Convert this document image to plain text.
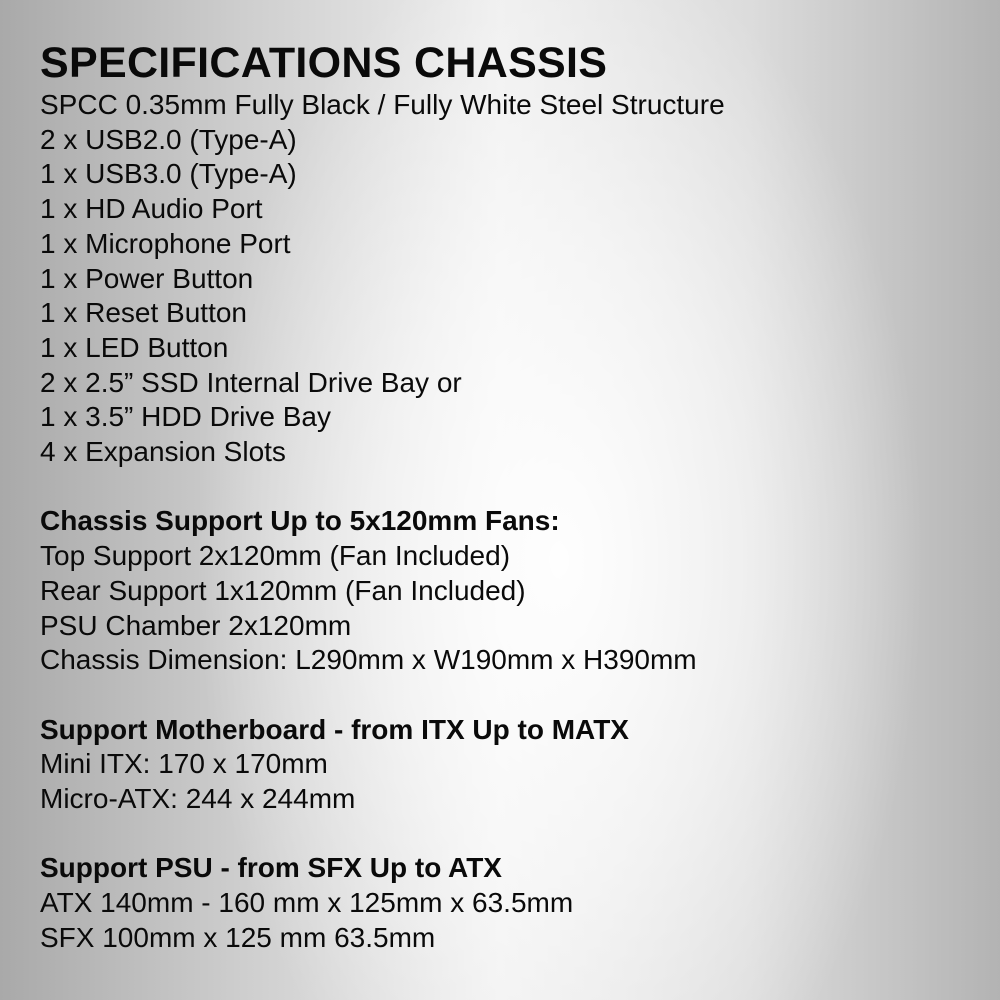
SPECIFICATIONS CHASSIS

SPCC 0.35mm Fully Black / Fully White Steel Structure

2 x USB2.0 (Type-A)

1 x USB3.0 (Type-A)

1 x HD Audio Port

1 x Microphone Port

1 x Power Button

1 x Reset Button

1 x LED Button

2 x 2.5” SSD Internal Drive Bay or

1 x 3.5” HDD Drive Bay

4 x Expansion Slots

Chassis Support Up to 5x120mm Fans:

Top Support 2x120mm (Fan Included)

Rear Support 1x120mm (Fan Included)

PSU Chamber 2x120mm

Chassis Dimension: L290mm x W190mm x H390mm

Support Motherboard - from ITX Up to MATX

Mini ITX: 170 x 170mm

Micro-ATX: 244 x 244mm

Support PSU - from SFX Up to ATX

ATX 140mm - 160 mm x 125mm x 63.5mm

SFX 100mm x 125 mm 63.5mm
